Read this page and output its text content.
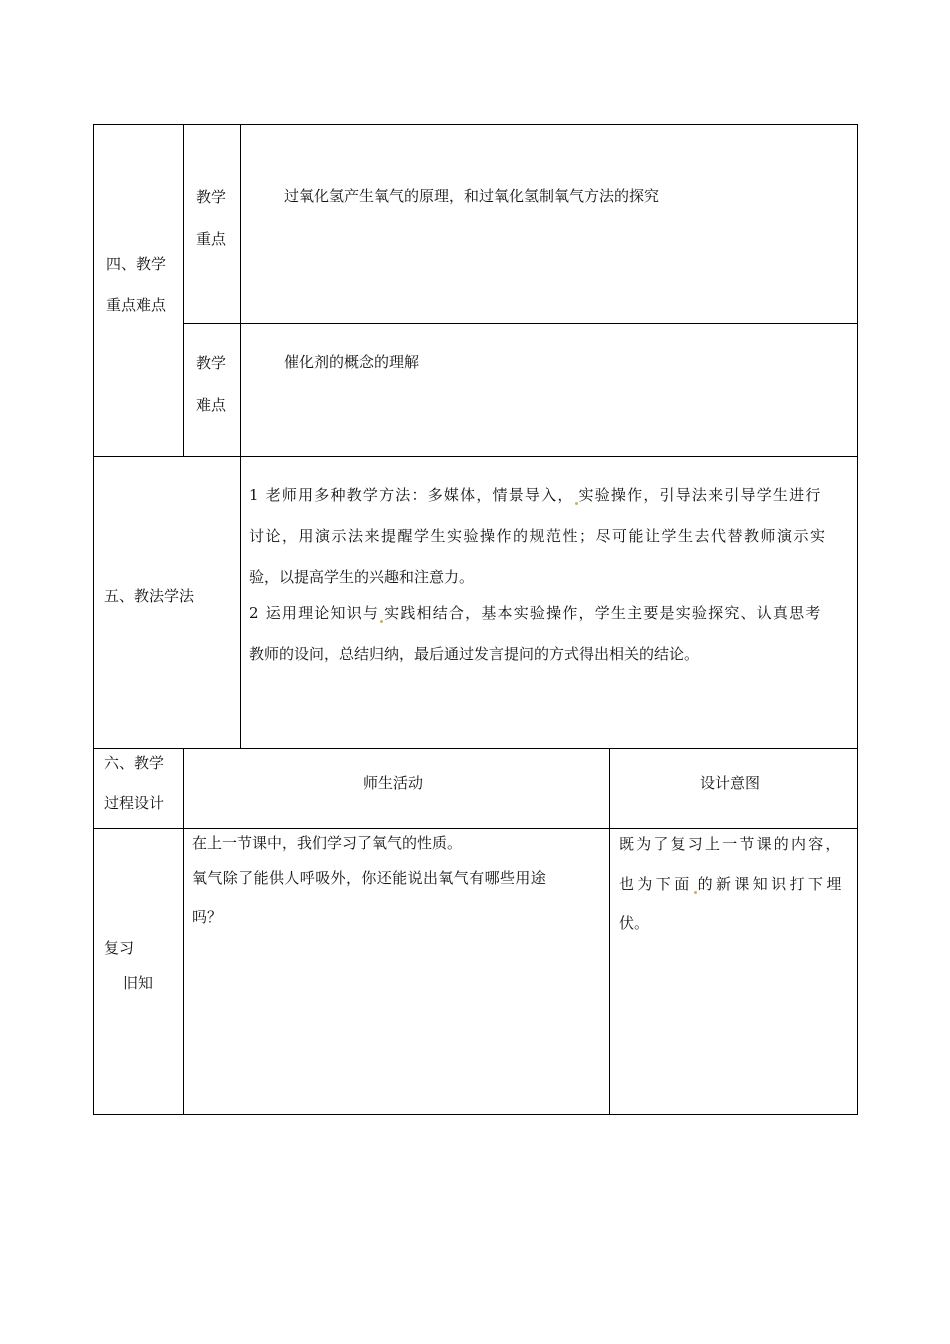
四、教学
重点难点
教学
重点
过氧化氢产生氧气的原理，和过氧化氢制氧气方法的探究
教学
难点
催化剂的概念的理解
五、教法学法
1 老师用多种教学方法：多媒体，情景导入， 实验操作，引导法来引导学生进行
讨论，用演示法来提醒学生实验操作的规范性；尽可能让学生去代替教师演示实
验，以提高学生的兴趣和注意力。
2 运用理论知识与 实践相结合，基本实验操作，学生主要是实验探究、认真思考
教师的设问，总结归纳，最后通过发言提问的方式得出相关的结论。
六、教学
过程设计
师生活动	设计意图
复习
旧知
在上一节课中，我们学习了氧气的性质。
氧气除了能供人呼吸外，你还能说出氧气有哪些用途
吗？
既为了复习上一节课的内容，
也为下面 的新课知识打下埋
伏。
